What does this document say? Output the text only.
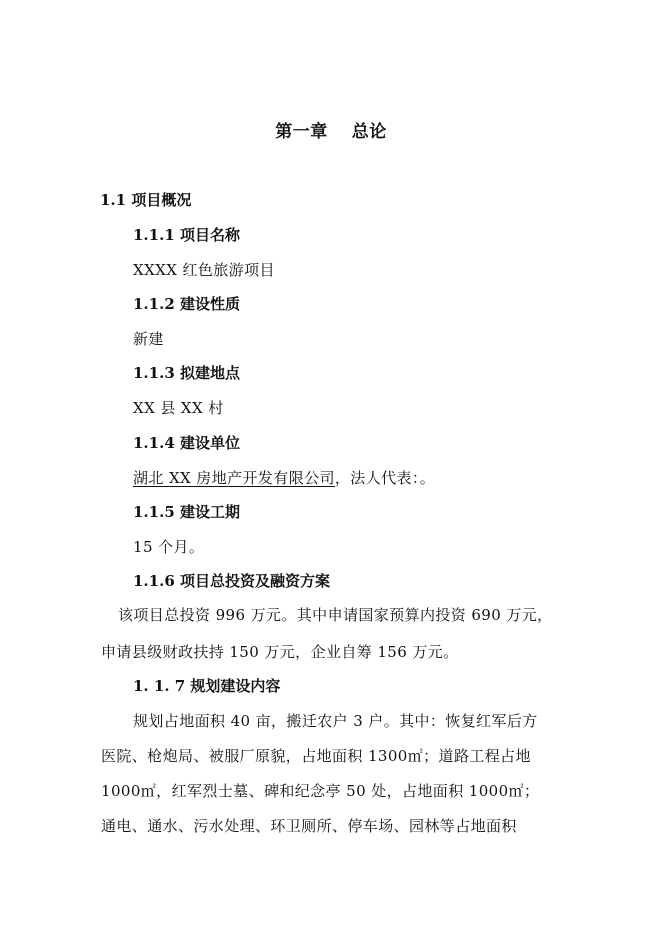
第一章 总论
1.1 项目概况
1.1.1 项目名称
XXXX 红色旅游项目
1.1.2 建设性质
新建
1.1.3 拟建地点
XX 县 XX 村
1.1.4 建设单位
湖北 XX 房地产开发有限公司，法人代表：。
1.1.5 建设工期
15 个月。
1.1.6 项目总投资及融资方案
该项目总投资 996 万元。其中申请国家预算内投资 690 万元，
申请县级财政扶持 150 万元，企业自筹 156 万元。
1. 1. 7 规划建设内容
规划占地面积 40 亩，搬迁农户 3 户。其中：恢复红军后方
医院、枪炮局、被服厂原貌，占地面积 1300㎡；道路工程占地
1000㎡，红军烈士墓、碑和纪念亭 50 处，占地面积 1000㎡；
通电、通水、污水处理、环卫厕所、停车场、园林等占地面积
